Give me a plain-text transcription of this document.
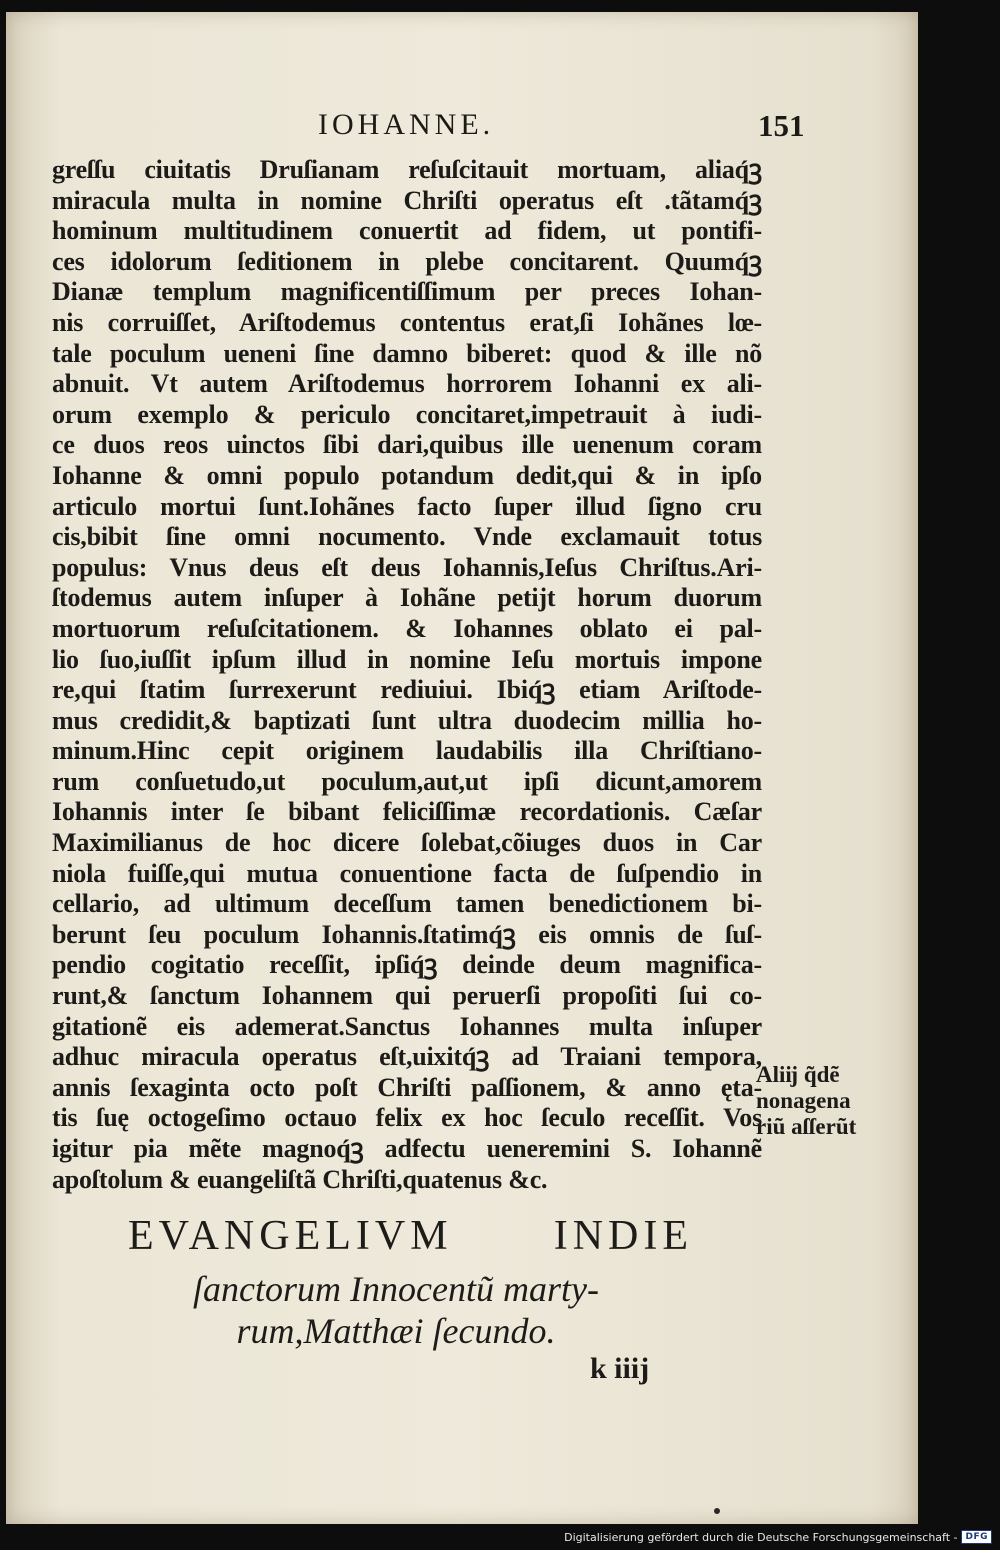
IOHANNE.	151
greſſu ciuitatis Druſianam reſuſcitauit mortuam, aliaq́ꝫ
miracula multa in nomine Chriſti operatus eſt .tãtamq́ꝫ
hominum multitudinem conuertit ad fidem, ut pontifi-
ces idolorum ſeditionem in plebe concitarent. Quumq́ꝫ
Dianæ templum magnificentiſſimum per preces Iohan-
nis corruiſſet, Ariſtodemus contentus erat,ſi Iohãnes lœ-
tale poculum ueneni ſine damno biberet: quod & ille nõ
abnuit. Vt autem Ariſtodemus horrorem Iohanni ex ali-
orum exemplo & periculo concitaret,impetrauit à iudi-
ce duos reos uinctos ſibi dari,quibus ille uenenum coram
Iohanne & omni populo potandum dedit,qui & in ipſo
articulo mortui ſunt.Iohãnes facto ſuper illud ſigno cru
cis,bibit ſine omni nocumento. Vnde exclamauit totus
populus: Vnus deus eſt deus Iohannis,Ieſus Chriſtus.Ari-
ſtodemus autem inſuper à Iohãne petijt horum duorum
mortuorum reſuſcitationem. & Iohannes oblato ei pal-
lio ſuo,iuſſit ipſum illud in nomine Ieſu mortuis impone
re,qui ſtatim ſurrexerunt rediuiui. Ibiq́ꝫ etiam Ariſtode-
mus credidit,& baptizati ſunt ultra duodecim millia ho-
minum.Hinc cepit originem laudabilis illa Chriſtiano-
rum conſuetudo,ut poculum,aut,ut ipſi dicunt,amorem
Iohannis inter ſe bibant feliciſſimæ recordationis. Cæſar
Maximilianus de hoc dicere ſolebat,cõiuges duos in Car
niola fuiſſe,qui mutua conuentione facta de ſuſpendio in
cellario, ad ultimum deceſſum tamen benedictionem bi-
berunt ſeu poculum Iohannis.ſtatimq́ꝫ eis omnis de ſuſ-
pendio cogitatio receſſit, ipſiq́ꝫ deinde deum magnifica-
runt,& ſanctum Iohannem qui peruerſi propoſiti ſui co-
gitationẽ eis ademerat.Sanctus Iohannes multa inſuper
adhuc miracula operatus eſt,uixitq́ꝫ ad Traiani tempora,
annis ſexaginta octo poſt Chriſti paſſionem, & anno ęta-
tis ſuę octogeſimo octauo felix ex hoc ſeculo receſſit. Vos
igitur pia mẽte magnoq́ꝫ adfectu ueneremini S. Iohannẽ
apoſtolum & euangeliſtã Chriſti,quatenus &c.
Aliĳ q̃dẽ
nonagena
riũ aſſerũt
EVANGELIVM INDIE
ſanctorum Innocentũ marty-
rum,Matthæi ſecundo.
k iiij
Digitalisierung gefördert durch die Deutsche Forschungsgemeinschaft - DFG
